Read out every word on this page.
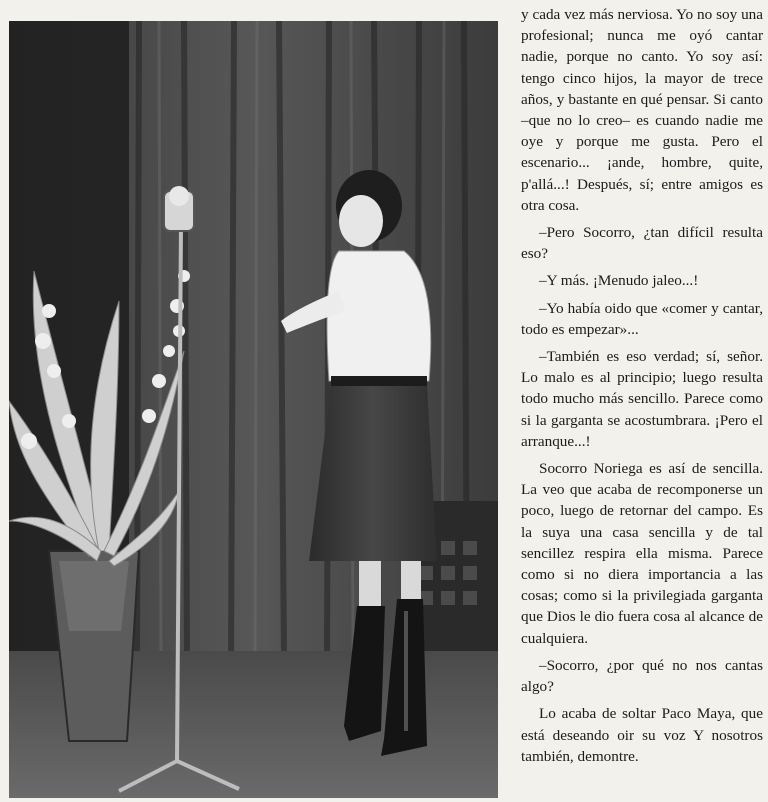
y cada vez más nerviosa. Yo no soy una profesional; nunca me oyó cantar nadie, porque no canto. Yo soy así: tengo cinco hijos, la mayor de trece años, y bastante en qué pensar. Si canto –que no lo creo– es cuando nadie me oye y porque me gusta. Pero el escenario... ¡ande, hombre, quite, p'allá...! Después, sí; entre amigos es otra cosa.

–Pero Socorro, ¿tan difícil resulta eso?

–Y más. ¡Menudo jaleo...!

–Yo había oido que «comer y cantar, todo es empezar»...

–También es eso verdad; sí, señor. Lo malo es al principio; luego resulta todo mucho más sencillo. Parece como si la garganta se acostumbrara. ¡Pero el arranque...!

Socorro Noriega es así de sencilla. La veo que acaba de recomponerse un poco, luego de retornar del campo. Es la suya una casa sencilla y de tal sencillez respira ella misma. Parece como si no diera importancia a las cosas; como si la privilegiada garganta que Dios le dio fuera cosa al alcance de cualquiera.

–Socorro, ¿por qué no nos cantas algo?

Lo acaba de soltar Paco Maya, que está deseando oir su voz Y nosotros también, demontre.
